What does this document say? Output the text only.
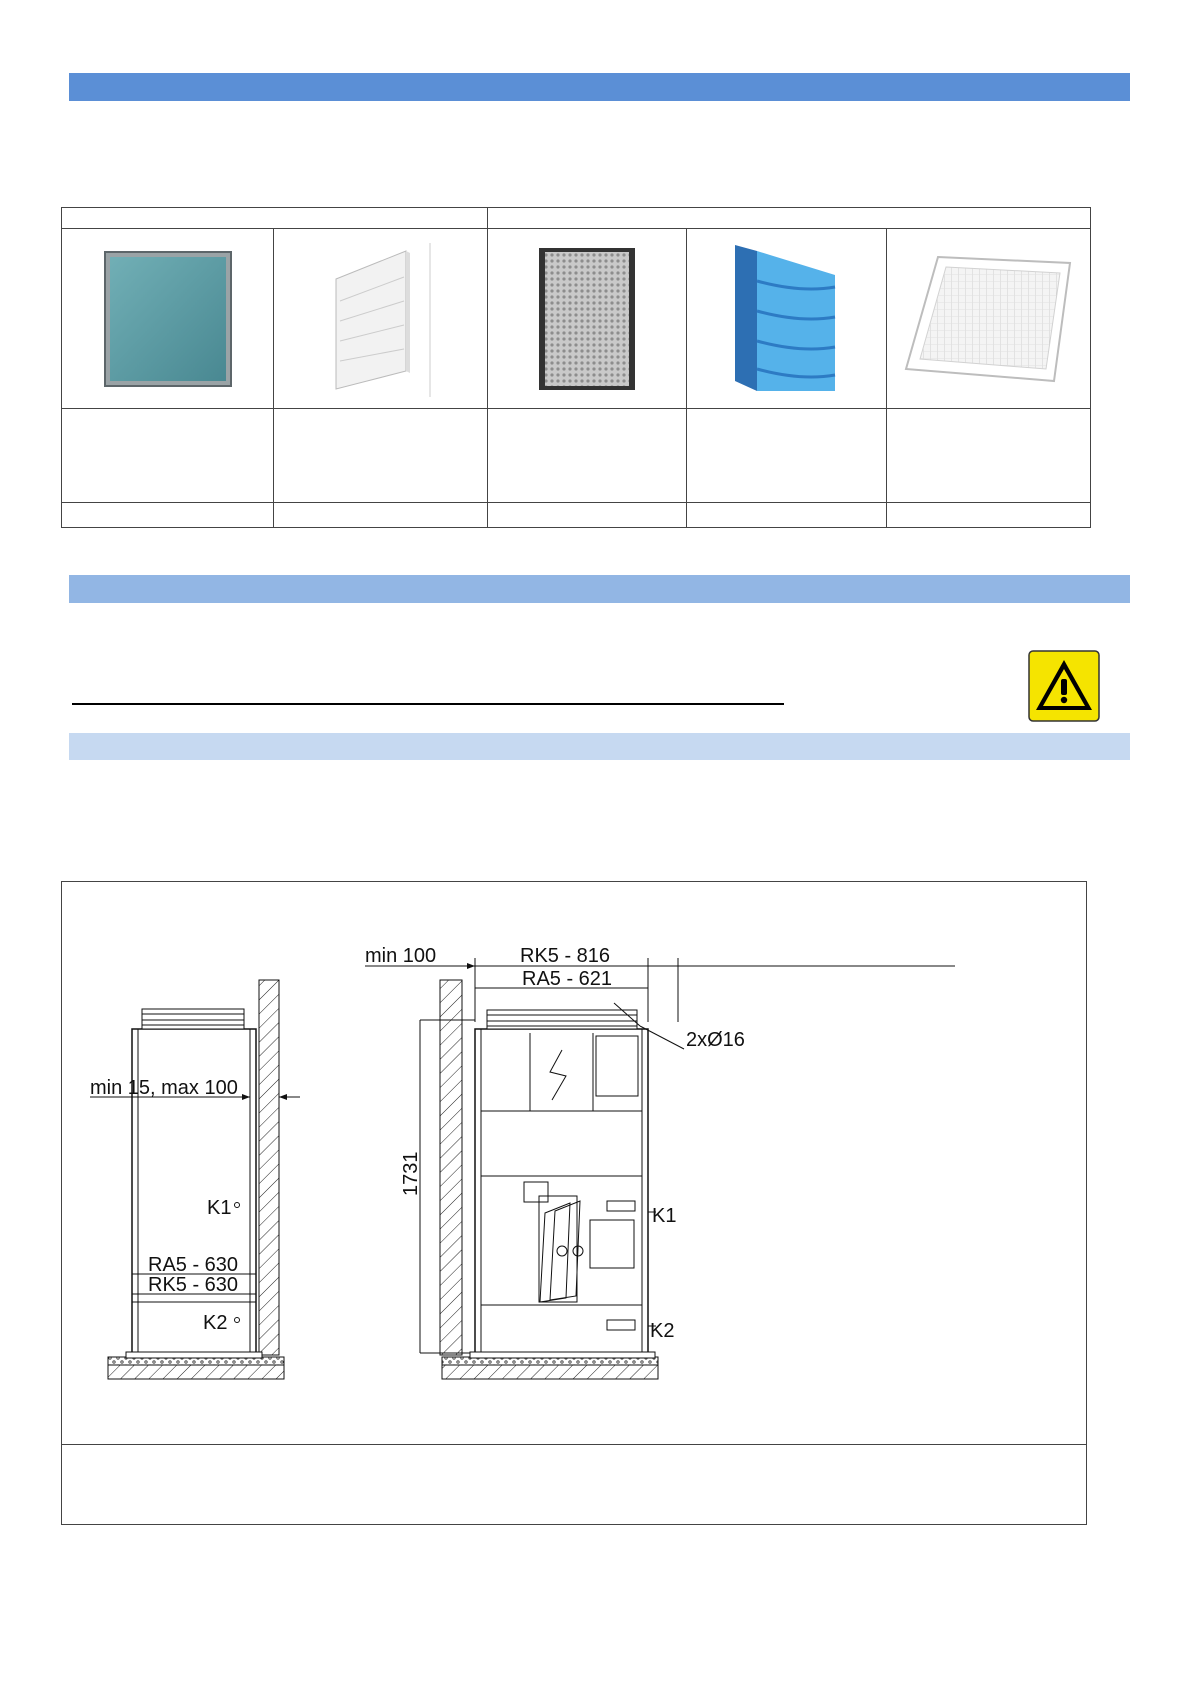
min 15, max 100
K1
RA5 - 630
RK5 - 630
K2
min 100	RK5 - 816
RA5 - 621
2xØ16
1731
K1
K2
